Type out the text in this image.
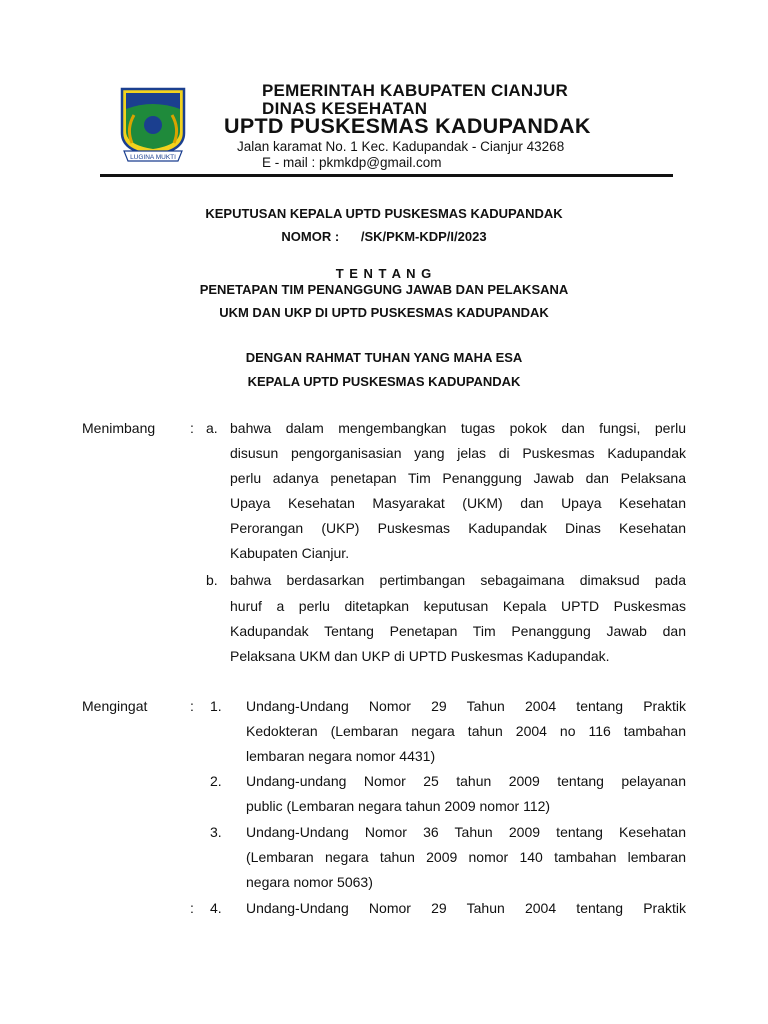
LUGINA MUKTI
PEMERINTAH KABUPATEN CIANJUR
DINAS KESEHATAN
UPTD PUSKESMAS KADUPANDAK
Jalan karamat No. 1 Kec. Kadupandak - Cianjur 43268
E - mail : pkmkdp@gmail.com
KEPUTUSAN KEPALA UPTD PUSKESMAS KADUPANDAK
NOMOR :      /SK/PKM-KDP/I/2023
T E N T A N G
PENETAPAN TIM PENANGGUNG JAWAB DAN PELAKSANA
UKM DAN UKP DI UPTD PUSKESMAS KADUPANDAK
DENGAN RAHMAT TUHAN YANG MAHA ESA
KEPALA UPTD PUSKESMAS KADUPANDAK
Menimbang : a. bahwa dalam mengembangkan tugas pokok dan fungsi, perlu
disusun pengorganisasian yang jelas di Puskesmas Kadupandak
perlu adanya penetapan Tim Penanggung Jawab dan Pelaksana
Upaya Kesehatan Masyarakat (UKM) dan Upaya Kesehatan
Perorangan (UKP) Puskesmas Kadupandak Dinas Kesehatan
Kabupaten Cianjur.
b. bahwa berdasarkan pertimbangan sebagaimana dimaksud pada
huruf a perlu ditetapkan keputusan Kepala UPTD Puskesmas
Kadupandak Tentang Penetapan Tim Penanggung Jawab dan
Pelaksana UKM dan UKP di UPTD Puskesmas Kadupandak.
Mengingat	: 1. Undang-Undang Nomor 29 Tahun 2004 tentang Praktik
Kedokteran (Lembaran negara tahun 2004 no 116 tambahan
lembaran negara nomor 4431)
2. Undang-undang Nomor 25 tahun 2009 tentang pelayanan
public (Lembaran negara tahun 2009 nomor 112)
3. Undang-Undang Nomor 36 Tahun 2009 tentang Kesehatan
(Lembaran negara tahun 2009 nomor 140 tambahan lembaran
negara nomor 5063)
: 4. Undang-Undang Nomor 29 Tahun 2004 tentang Praktik
